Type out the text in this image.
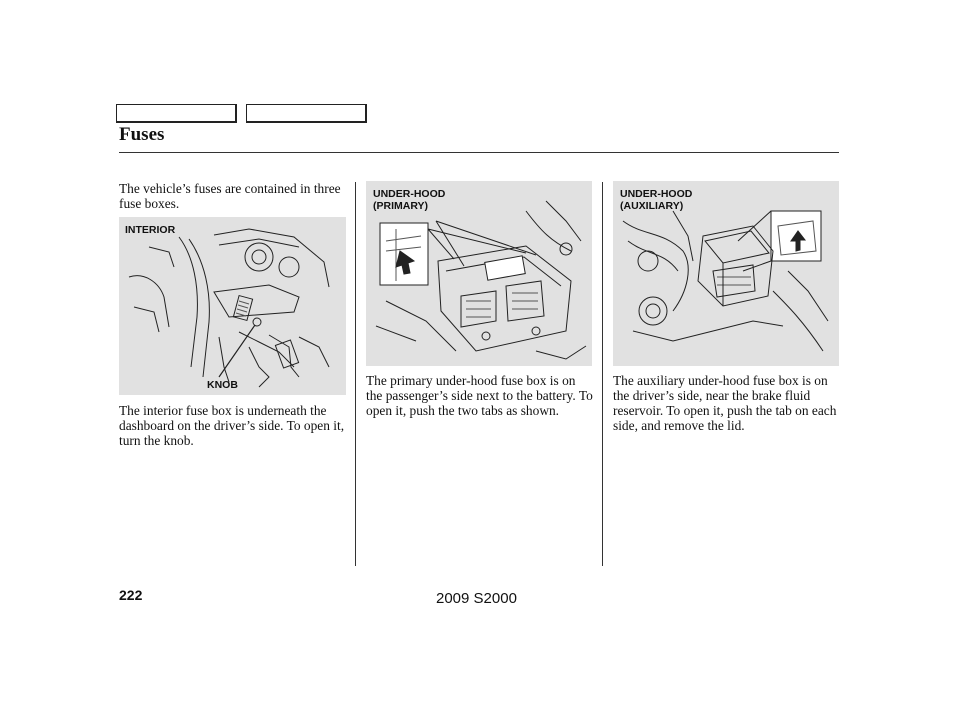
Fuses
The vehicle’s fuses are contained in three fuse boxes.
INTERIOR
KNOB
The interior fuse box is underneath the dashboard on the driver’s side. To open it, turn the knob.
UNDER-HOOD
(PRIMARY)
The primary under-hood fuse box is on the passenger’s side next to the battery. To open it, push the two tabs as shown.
UNDER-HOOD
(AUXILIARY)
The auxiliary under-hood fuse box is on the driver’s side, near the brake fluid reservoir. To open it, push the tab on each side, and remove the lid.
222	2009 S2000
